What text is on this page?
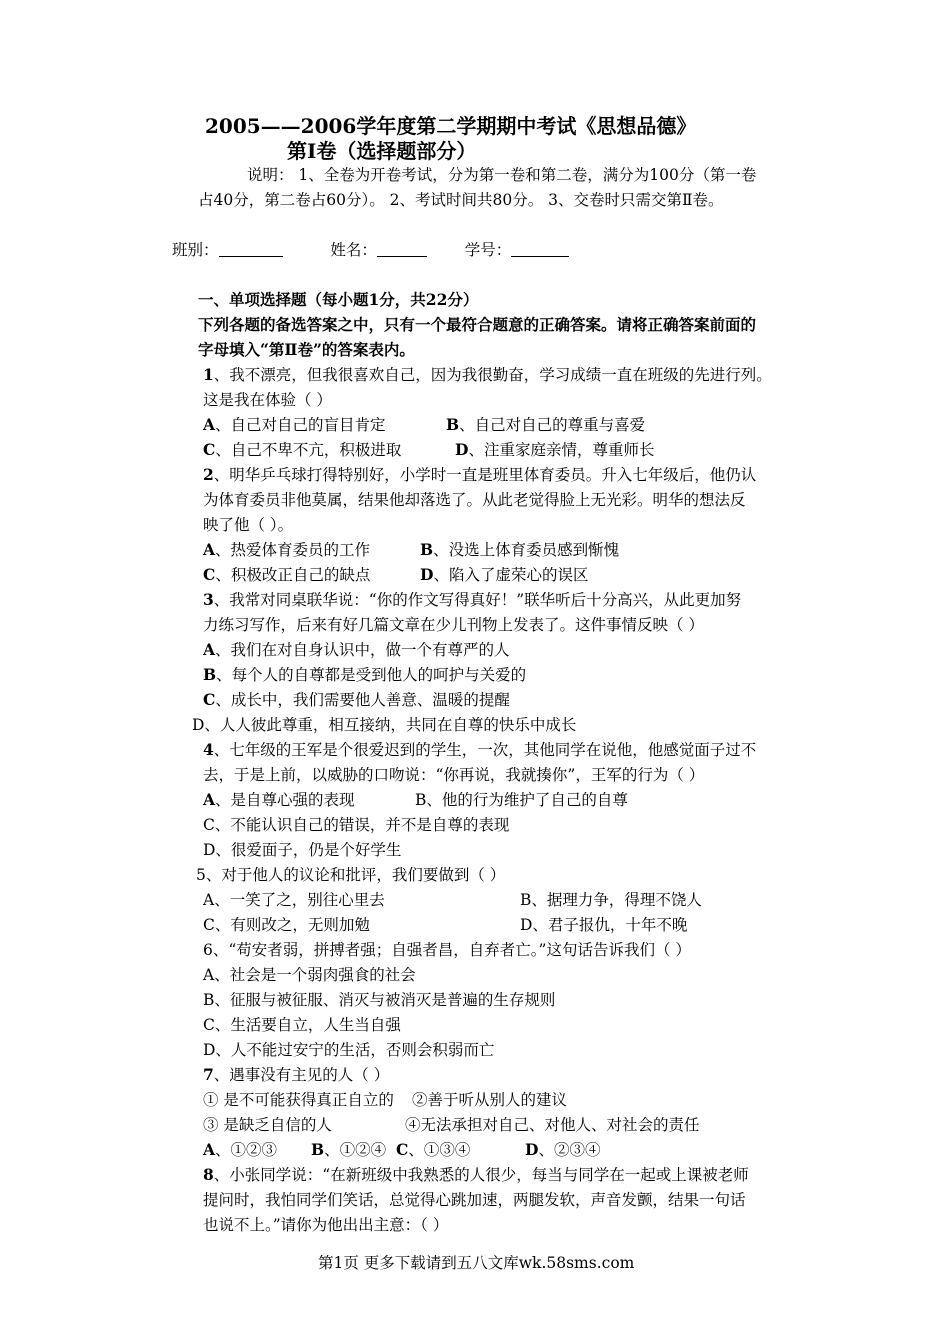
2005——2006学年度第二学期期中考试《思想品德》
第Ⅰ卷（选择题部分）
说明： 1、全卷为开卷考试，分为第一卷和第二卷，满分为100分（第一卷
占40分，第二卷占60分）。 2、考试时间共80分。 3、交卷时只需交第Ⅱ卷。
班别：	姓名：	学号：
一、单项选择题（每小题1分，共22分）
下列各题的备选答案之中，只有一个最符合题意的正确答案。请将正确答案前面的
字母填入“第Ⅱ卷”的答案表内。
1、我不漂亮，但我很喜欢自己，因为我很勤奋，学习成绩一直在班级的先进行列。
这是我在体验（ ）
A、自己对自己的盲目肯定	B、自己对自己的尊重与喜爱
C、自己不卑不亢，积极进取	D、注重家庭亲情，尊重师长
2、明华乒乓球打得特别好，小学时一直是班里体育委员。升入七年级后，他仍认
为体育委员非他莫属，结果他却落选了。从此老觉得脸上无光彩。明华的想法反
映了他（ ）。
A、热爱体育委员的工作	B、没选上体育委员感到惭愧
C、积极改正自己的缺点	D、陷入了虚荣心的误区
3、我常对同桌联华说：“你的作文写得真好！”联华听后十分高兴，从此更加努
力练习写作，后来有好几篇文章在少儿刊物上发表了。这件事情反映（ ）
A、我们在对自身认识中，做一个有尊严的人
B、每个人的自尊都是受到他人的呵护与关爱的
C、成长中，我们需要他人善意、温暖的提醒
D、人人彼此尊重，相互接纳，共同在自尊的快乐中成长
4、七年级的王军是个很爱迟到的学生，一次，其他同学在说他，他感觉面子过不
去，于是上前，以威胁的口吻说：“你再说，我就揍你”，王军的行为（ ）
A、是自尊心强的表现	B、他的行为维护了自己的自尊
C、不能认识自己的错误，并不是自尊的表现
D、很爱面子，仍是个好学生
5、对于他人的议论和批评，我们要做到（ ）
A、一笑了之，别往心里去	B、据理力争，得理不饶人
C、有则改之，无则加勉	D、君子报仇，十年不晚
6、“苟安者弱，拼搏者强；自强者昌，自弃者亡。”这句话告诉我们（ ）
A、社会是一个弱肉强食的社会
B、征服与被征服、消灭与被消灭是普遍的生存规则
C、生活要自立，人生当自强
D、人不能过安宁的生活，否则会积弱而亡
7、遇事没有主见的人（ ）
① 是不可能获得真正自立的 ②善于听从别人的建议
③ 是缺乏自信的人	④无法承担对自己、对他人、对社会的责任
A、①②③ B、①②④ C、①③④	D、②③④
8、小张同学说：“在新班级中我熟悉的人很少，每当与同学在一起或上课被老师
提问时，我怕同学们笑话，总觉得心跳加速，两腿发软，声音发颤，结果一句话
也说不上。”请你为他出出主意：（ ）
第1页 更多下载请到五八文库wk.58sms.com
